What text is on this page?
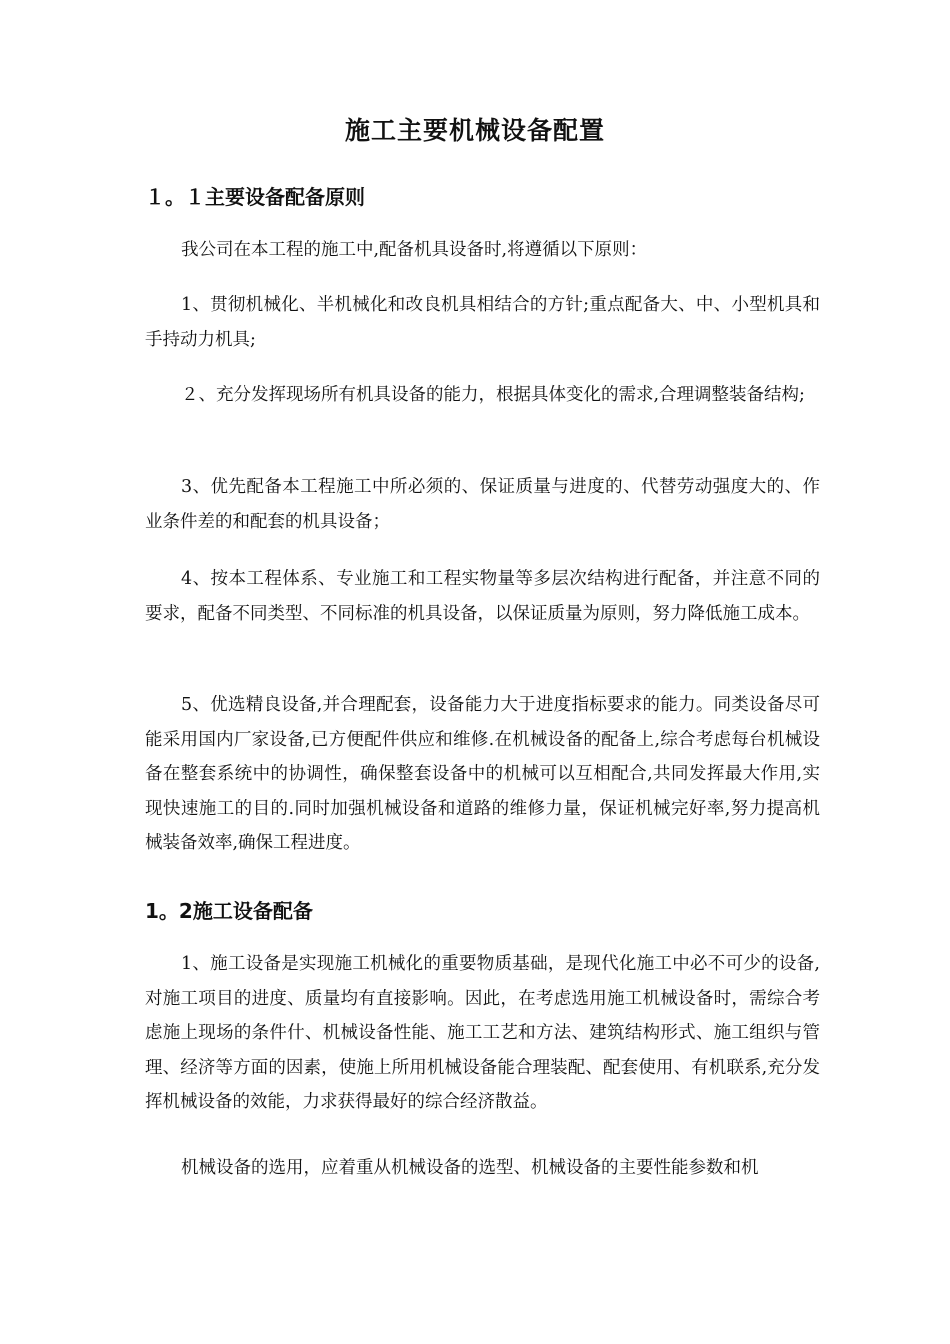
施工主要机械设备配置
１。１主要设备配备原则

我公司在本工程的施工中,配备机具设备时,将遵循以下原则：

1、贯彻机械化、半机械化和改良机具相结合的方针;重点配备大、中、小型机具和手持动力机具;

２、充分发挥现场所有机具设备的能力，根据具体变化的需求,合理调整装备结构;

3、优先配备本工程施工中所必须的、保证质量与进度的、代替劳动强度大的、作业条件差的和配套的机具设备；

4、按本工程体系、专业施工和工程实物量等多层次结构进行配备，并注意不同的要求，配备不同类型、不同标准的机具设备，以保证质量为原则，努力降低施工成本。

5、优选精良设备,并合理配套，设备能力大于进度指标要求的能力。同类设备尽可能采用国内厂家设备,已方便配件供应和维修.在机械设备的配备上,综合考虑每台机械设备在整套系统中的协调性，确保整套设备中的机械可以互相配合,共同发挥最大作用,实现快速施工的目的.同时加强机械设备和道路的维修力量，保证机械完好率,努力提高机械装备效率,确保工程进度。

1。2施工设备配备

1、施工设备是实现施工机械化的重要物质基础，是现代化施工中必不可少的设备,对施工项目的进度、质量均有直接影响。因此，在考虑选用施工机械设备时，需综合考虑施上现场的条件什、机械设备性能、施工工艺和方法、建筑结构形式、施工组织与管理、经济等方面的因素，使施上所用机械设备能合理装配、配套使用、有机联系,充分发挥机械设备的效能，力求获得最好的综合经济散益。

机械设备的选用，应着重从机械设备的选型、机械设备的主要性能参数和机
